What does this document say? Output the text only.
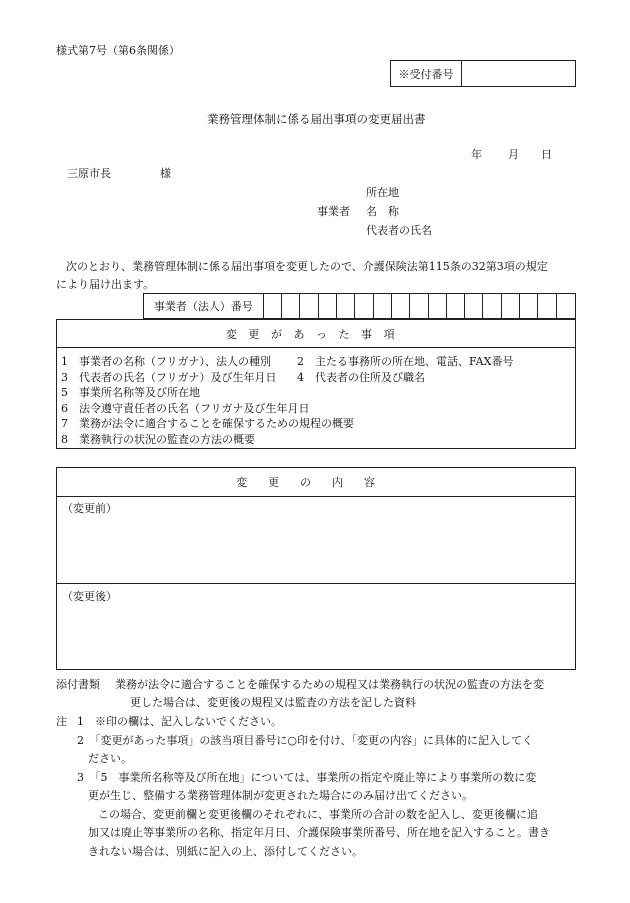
様式第7号（第6条関係）
※受付番号
業務管理体制に係る届出事項の変更届出書
年 月 日
三原市長	様
所在地
事業者 名　称
代表者の氏名
次のとおり、業務管理体制に係る届出事項を変更したので、介護保険法第115条の32第3項の規定
により届け出ます。
事業者（法人）番号
変更があった事項
1　事業者の名称（フリガナ）、法人の種別	2　主たる事務所の所在地、電話、FAX番号
3　代表者の氏名（フリガナ）及び生年月日	4　代表者の住所及び職名
5　事業所名称等及び所在地
6　法令遵守責任者の氏名（フリガナ及び生年月日
7　業務が法令に適合することを確保するための規程の概要
8　業務執行の状況の監査の方法の概要
変更の内容
（変更前）
（変更後）
添付書類 業務が法令に適合することを確保するための規程又は業務執行の状況の監査の方法を変
更した場合は、変更後の規程又は監査の方法を記した資料
注 1　※印の欄は、記入しないでください。
2　「変更があった事項」の該当項目番号に○印を付け、「変更の内容」に具体的に記入してく
ださい。
3　「5　事業所名称等及び所在地」については、事業所の指定や廃止等により事業所の数に変
更が生じ、整備する業務管理体制が変更された場合にのみ届け出てください。
この場合、変更前欄と変更後欄のそれぞれに、事業所の合計の数を記入し、変更後欄に追
加又は廃止等事業所の名称、指定年月日、介護保険事業所番号、所在地を記入すること。書き
きれない場合は、別紙に記入の上、添付してください。
